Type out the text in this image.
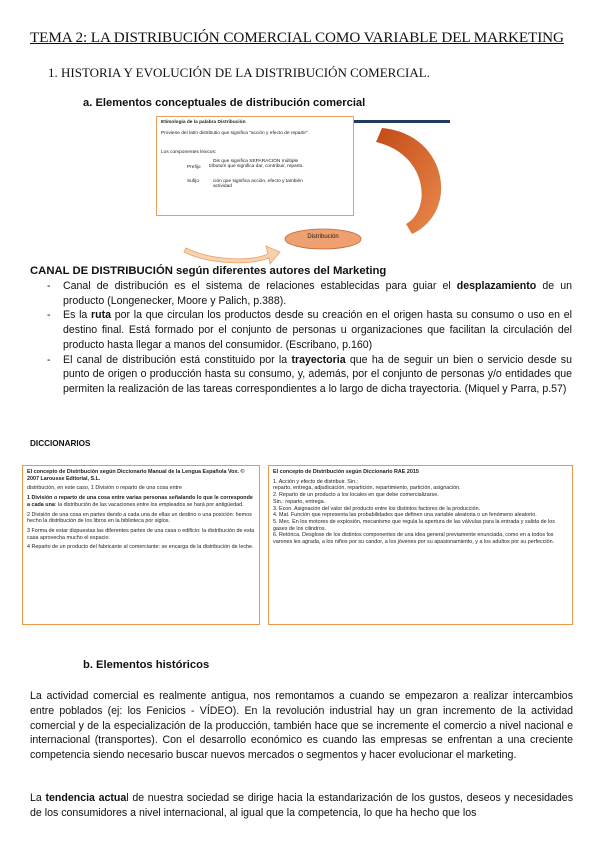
TEMA 2: LA DISTRIBUCIÓN COMERCIAL COMO VARIABLE DEL MARKETING
1. HISTORIA Y EVOLUCIÓN DE LA DISTRIBUCIÓN COMERCIAL.
a. Elementos conceptuales de distribución comercial
Etimología de la palabra Distribución
Proviene del latín distributio que significa “acción y efecto de repartir”.
Los componentes léxicos:
Prefijo
Dis que significa SEPARACIÓN múltiple
tributum que significa dar, contribuir, reparto.
Sufijo	ción que significa acción, efecto y también
actividad
Distribución
CANAL DE DISTRIBUCIÓN según diferentes autores del Marketing
- Canal de distribución es el sistema de relaciones establecidas para guiar el desplazamiento de un producto (Longenecker, Moore y Palich, p.388).
- Es la ruta por la que circulan los productos desde su creación en el origen hasta su consumo o uso en el destino final. Está formado por el conjunto de personas u organizaciones que facilitan la circulación del producto hasta llegar a manos del consumidor. (Escribano, p.160)
- El canal de distribución está constituido por la trayectoria que ha de seguir un bien o servicio desde su punto de origen o producción hasta su consumo, y, además, por el conjunto de personas y/o entidades que permiten la realización de las tareas correspondientes a lo largo de dicha trayectoria. (Miquel y Parra, p.57)
DICCIONARIOS

El concepto de Distribución según Diccionario Manual de la Lengua Española Vox. © 2007 Larousse Editorial, S.L.

distribución, en este caso, 1 División o reparto de una cosa entre

1 División o reparto de una cosa entre varias personas señalando lo que le corresponde a cada una: la distribución de las vacaciones entre los empleados se hará por antigüedad.

2 División de una cosa en partes dando a cada una de ellas un destino o una posición: hemos hecho la distribución de los libros en la biblioteca por siglos.

3 Forma de estar dispuestas las diferentes partes de una casa o edificio: la distribución de esta casa aprovecha mucho el espacio.

4 Reparto de un producto del fabricante al comerciante: se encarga de la distribución de leche.

El concepto de Distribución según Diccionario RAE 2015

1. Acción y efecto de distribuir. Sin.:

reparto, entrega, adjudicación, repartición, repartimiento, partición, asignación.

2. Reparto de un producto a los locales en que debe comercializarse.

Sin.: reparto, entrega.

3. Econ. Asignación del valor del producto entre los distintos factores de la producción.

4. Mat. Función que representa las probabilidades que definen una variable aleatoria o un fenómeno aleatorio.

5. Mec. En los motores de explosión, mecanismo que regula la apertura de las válvulas para la entrada y salida de los gases de los cilindros.

6. Retórica. Desglose de los distintos componentes de una idea general previamente enunciada, como en a todos los varones les agrada, a los niños por su candor, a los jóvenes por su apasionamiento, y a los adultos por su perfección.

b. Elementos históricos
La actividad comercial es realmente antigua, nos remontamos a cuando se empezaron a realizar intercambios entre poblados (ej: los Fenicios - VÍDEO). En la revolución industrial hay un gran incremento de la actividad comercial y de la especialización de la producción, también hace que se incremente el comercio a nivel nacional e internacional (transportes). Con el desarrollo económico es cuando las empresas se enfrentan a una creciente competencia siendo necesario buscar nuevos mercados o segmentos y hacer evolucionar el marketing.
La tendencia actual de nuestra sociedad se dirige hacia la estandarización de los gustos, deseos y necesidades de los consumidores a nivel internacional, al igual que la competencia, lo que ha hecho que los
